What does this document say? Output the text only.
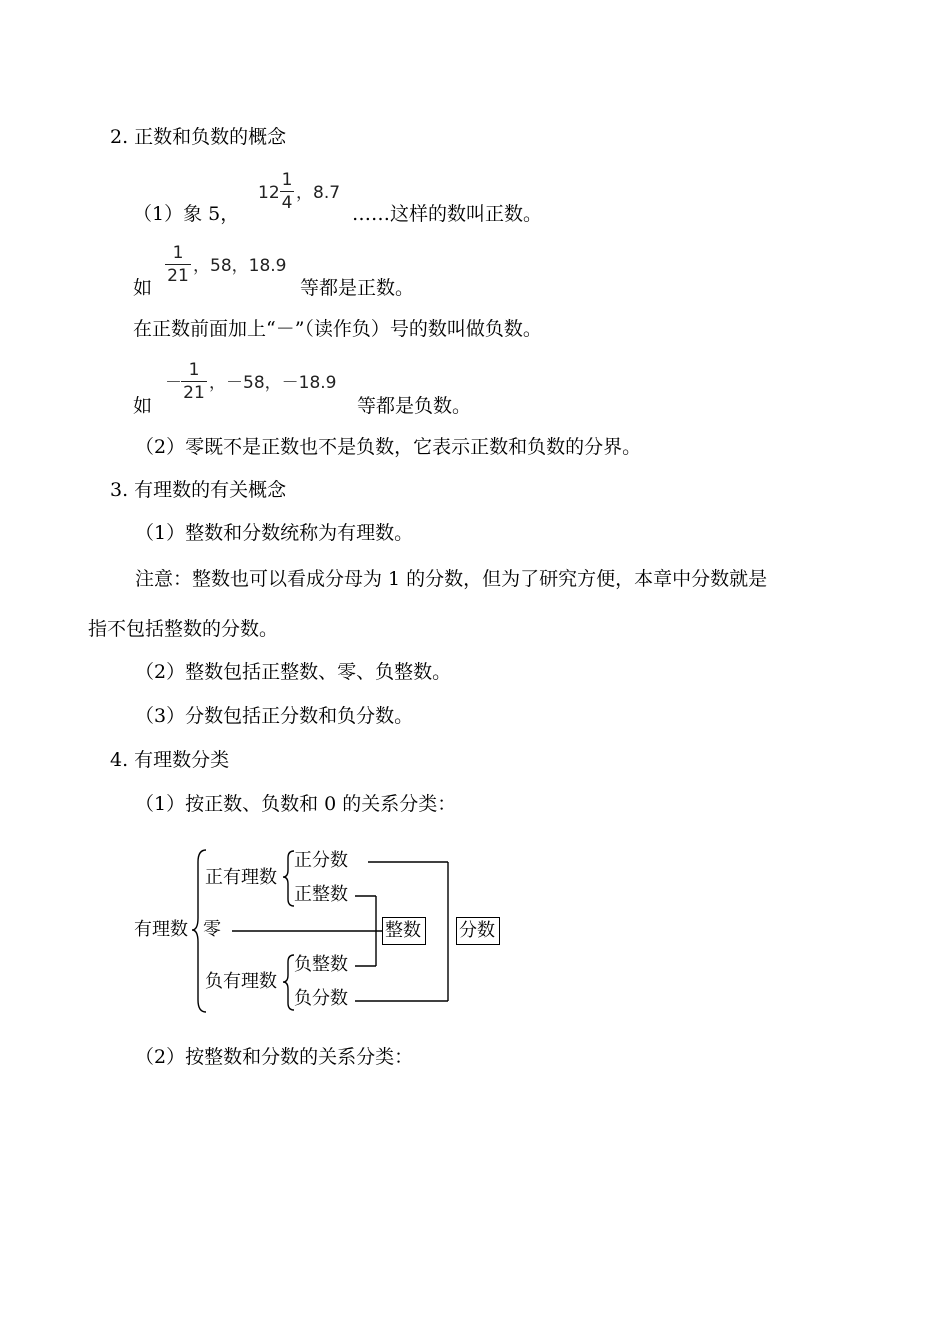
2. 正数和负数的概念
（1）象 5，
12
1
4 ，8.7
……这样的数叫正数。
如
1
21 ，58，18.9
等都是正数。
在正数前面加上“－”（读作负）号的数叫做负数。
如
－
1
21 ，－58，－18.9
等都是负数。
（2）零既不是正数也不是负数，它表示正数和负数的分界。
3. 有理数的有关概念
（1）整数和分数统称为有理数。
注意：整数也可以看成分母为 1 的分数，但为了研究方便，本章中分数就是
指不包括整数的分数。
（2）整数包括正整数、零、负整数。
（3）分数包括正分数和负分数。
4. 有理数分类
（1）按正数、负数和 0 的关系分类：
有理数 零
正有理数
负有理数
正分数
正整数
负整数
负分数
整数 分数
（2）按整数和分数的关系分类：
